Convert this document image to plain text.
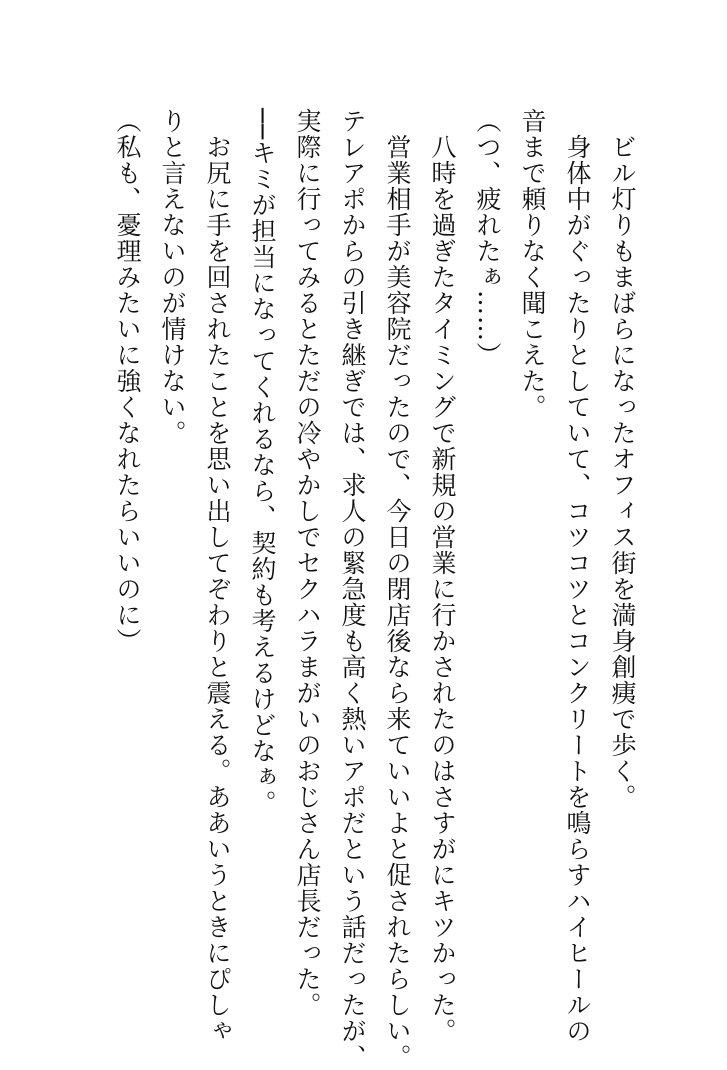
　ビル灯りもまばらになったオフィス街を満身創痍で歩く。
　身体中がぐったりとしていて、コツコツとコンクリートを鳴らすハイヒールの
音まで頼りなく聞こえた。
（つ、疲れたぁ……）
　八時を過ぎたタイミングで新規の営業に行かされたのはさすがにキツかった。
　営業相手が美容院だったので、今日の閉店後なら来ていいよと促されたらしい。
テレアポからの引き継ぎでは、求人の緊急度も高く熱いアポだという話だったが、
実際に行ってみるとただの冷やかしでセクハラまがいのおじさん店長だった。
──キミが担当になってくれるなら、契約も考えるけどなぁ。
　お尻に手を回されたことを思い出してぞわりと震える。ああいうときにぴしゃ
りと言えないのが情けない。
（私も、憂理みたいに強くなれたらいいのに）
